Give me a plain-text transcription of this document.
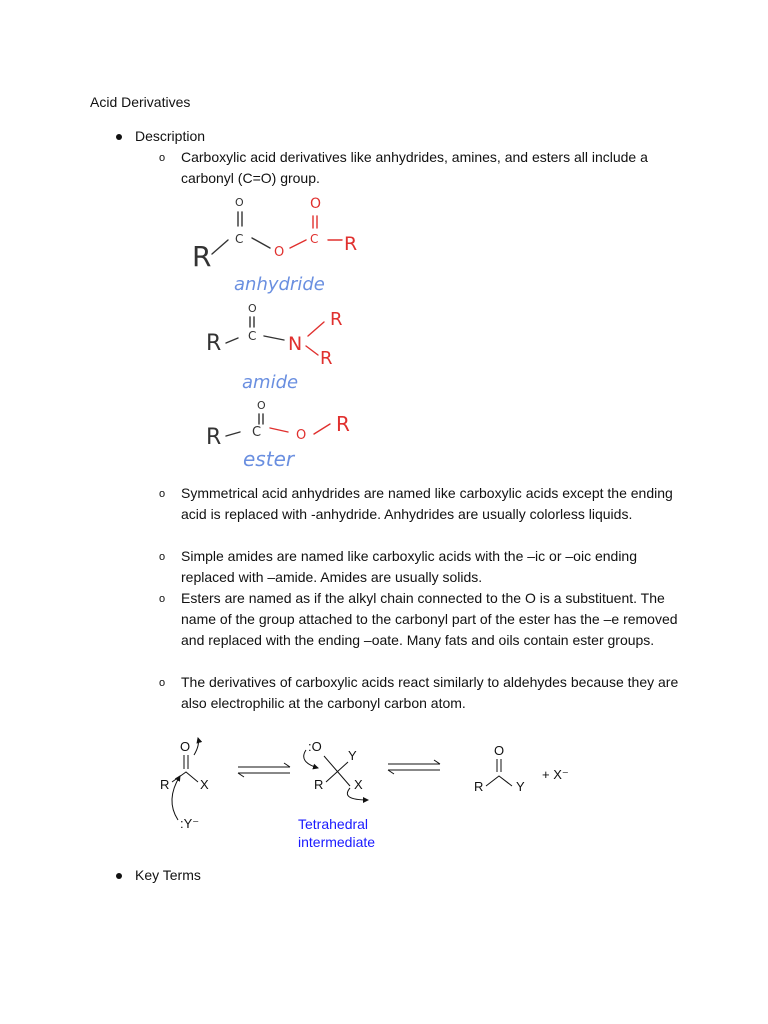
Acid Derivatives
Description
o Carboxylic acid derivatives like anhydrides, amines, and esters all include a carbonyl (C=O) group.
R
O
C
O
O
C R
anhydride
R
O
C N
R
R
amide
R
O
C	O R
ester
o Symmetrical acid anhydrides are named like carboxylic acids except the ending acid is replaced with -anhydride. Anhydrides are usually colorless liquids.
o Simple amides are named like carboxylic acids with the –ic or –oic ending replaced with –amide. Amides are usually solids.
o Esters are named as if the alkyl chain connected to the O is a substituent. The name of the group attached to the carbonyl part of the ester has the –e removed and replaced with the ending –oate. Many fats and oils contain ester groups.
o The derivatives of carboxylic acids react similarly to aldehydes because they are also electrophilic at the carbonyl carbon atom.
O
R X
:Y⁻
:O
Y
R X
Tetrahedral
intermediate
O
R	Y
+ X⁻
Key Terms
